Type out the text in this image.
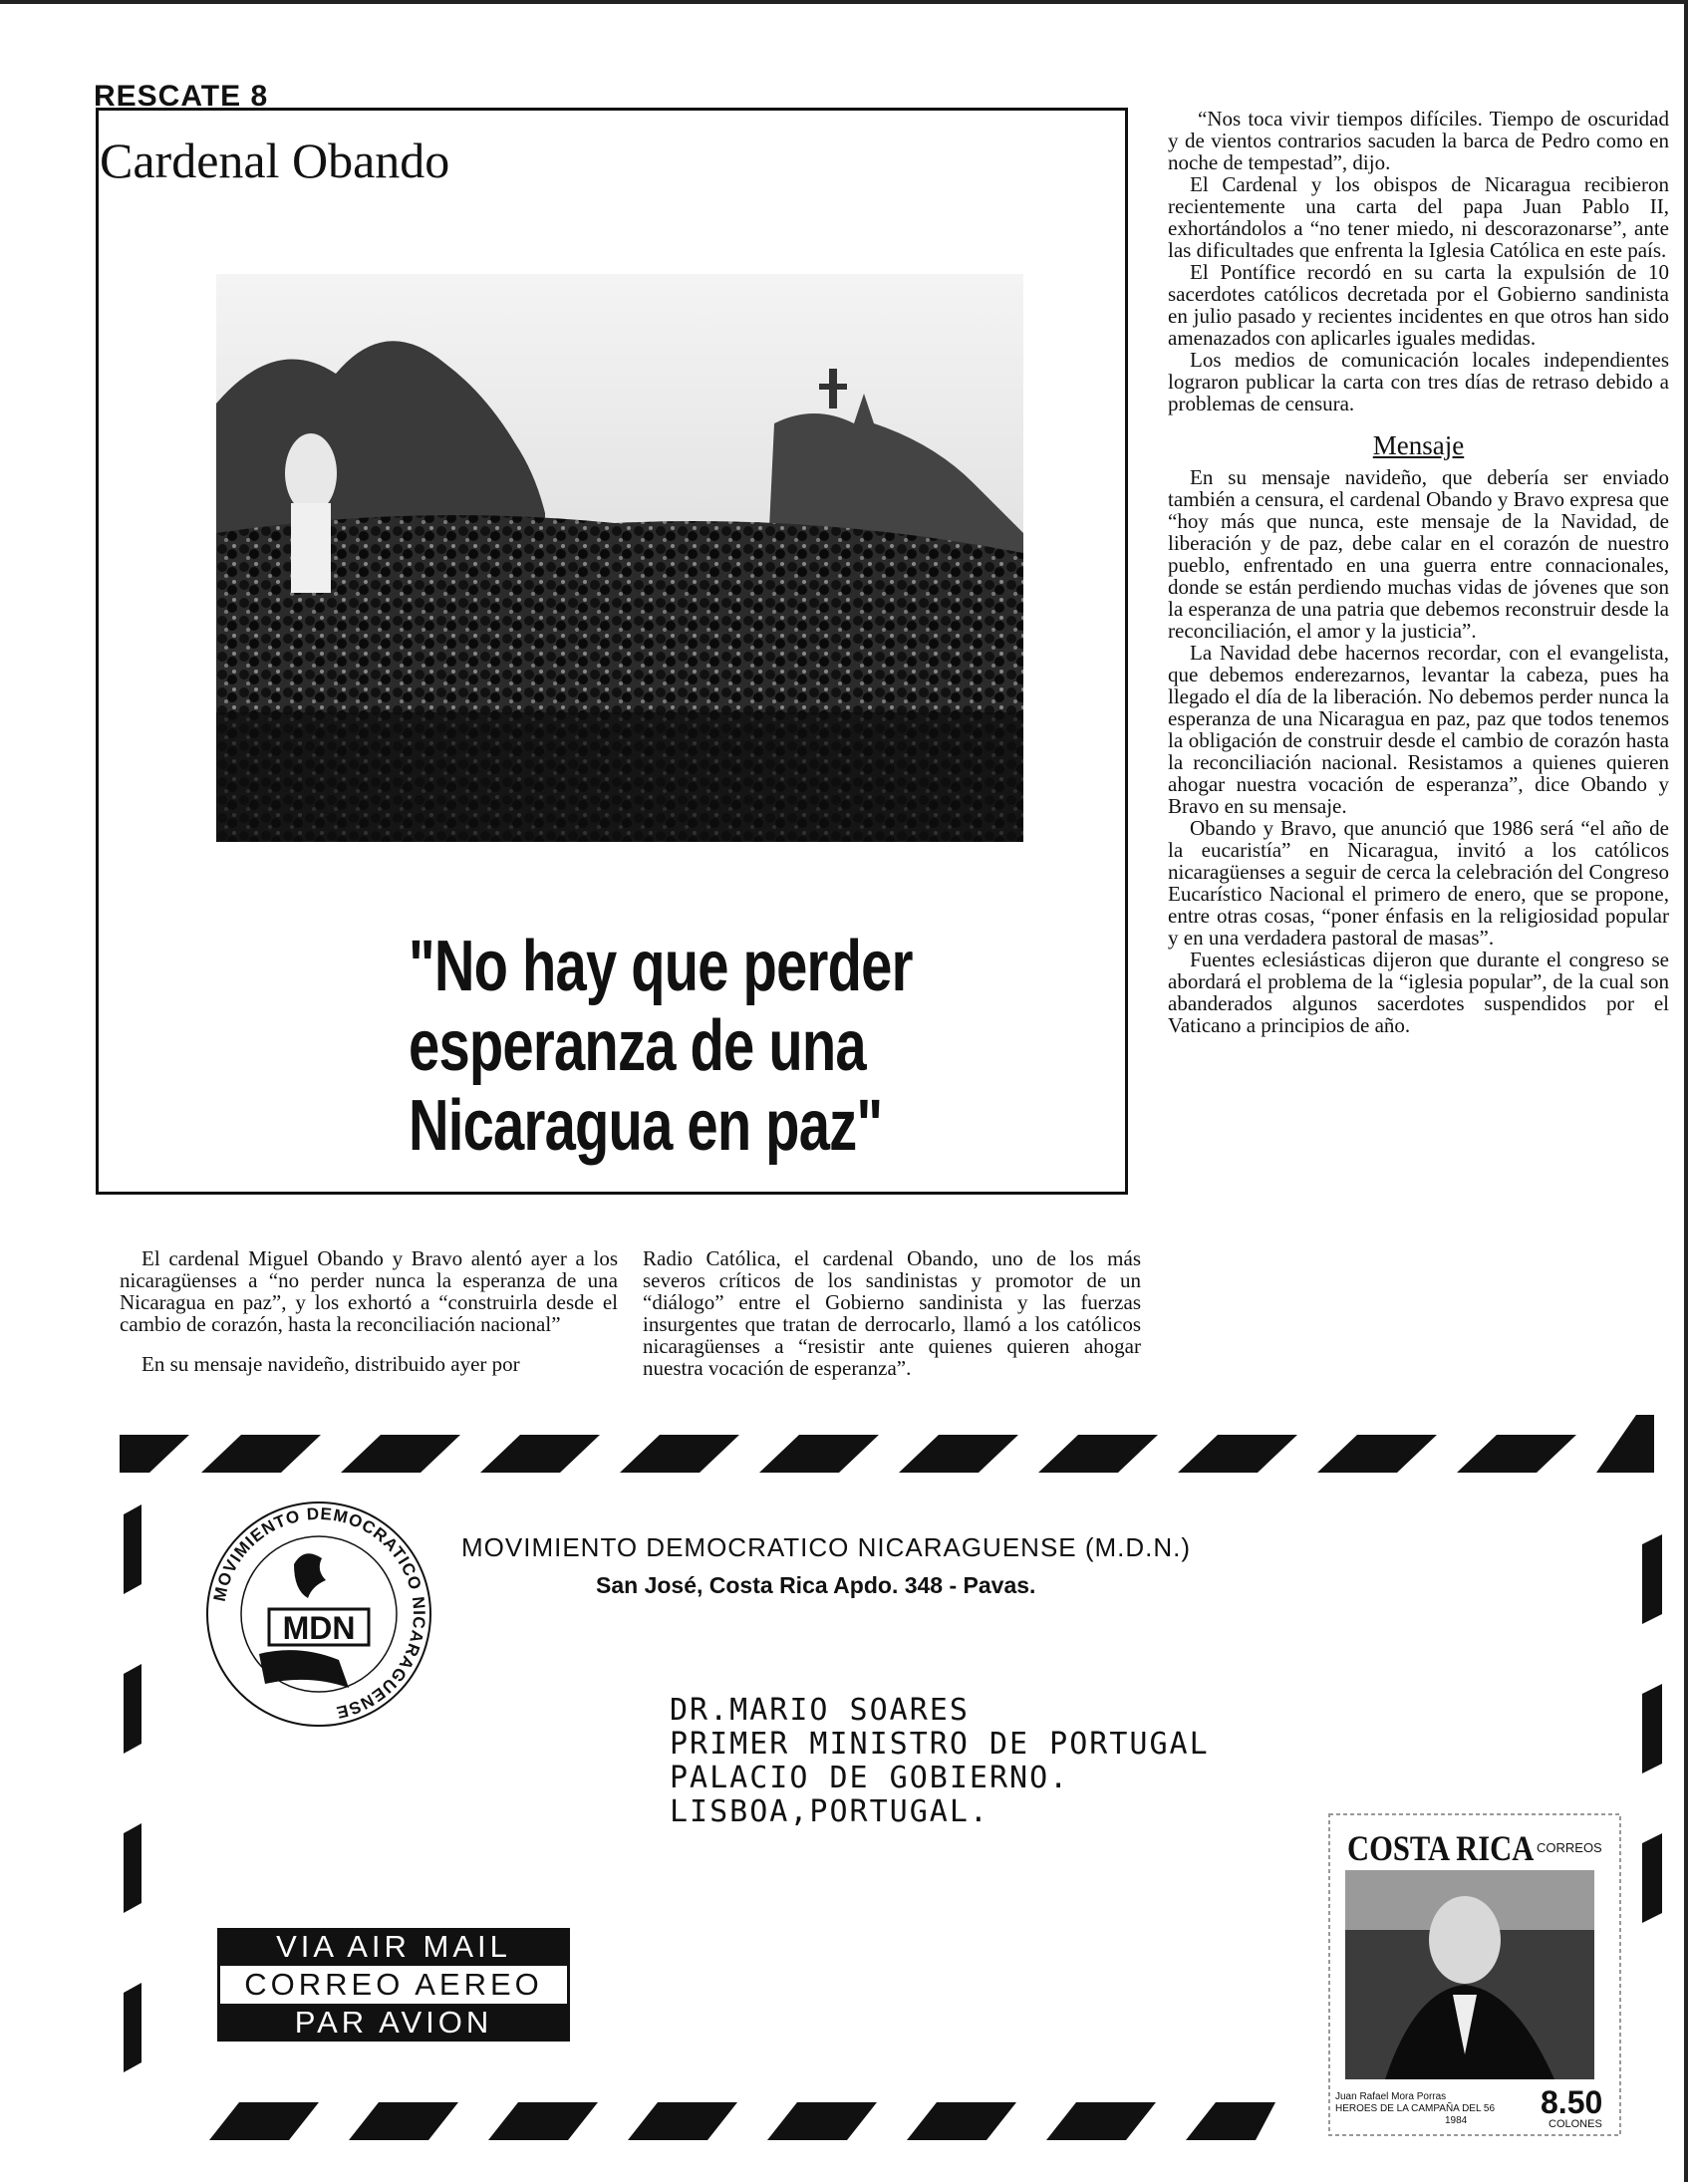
RESCATE 8
Cardenal Obando
"No hay que perder
esperanza de una
Nicaragua en paz"

“Nos toca vivir tiempos difíciles. Tiempo de oscuridad y de vientos contrarios sacuden la barca de Pedro como en noche de tempestad”, dijo.

El Cardenal y los obispos de Nicaragua recibieron recientemente una carta del papa Juan Pablo II, exhortándolos a “no tener miedo, ni descorazonarse”, ante las dificultades que enfrenta la Iglesia Católica en este país.

El Pontífice recordó en su carta la expulsión de 10 sacerdotes católicos decretada por el Gobierno sandinista en julio pasado y recientes incidentes en que otros han sido amenazados con aplicarles iguales medidas.

Los medios de comunicación locales independientes lograron publicar la carta con tres días de retraso debido a problemas de censura.

Mensaje

En su mensaje navideño, que debería ser enviado también a censura, el cardenal Obando y Bravo expresa que “hoy más que nunca, este mensaje de la Navidad, de liberación y de paz, debe calar en el corazón de nuestro pueblo, enfrentado en una guerra entre connacionales, donde se están perdiendo muchas vidas de jóvenes que son la esperanza de una patria que debemos reconstruir desde la reconciliación, el amor y la justicia”.

La Navidad debe hacernos recordar, con el evangelista, que debemos enderezarnos, levantar la cabeza, pues ha llegado el día de la liberación. No debemos perder nunca la esperanza de una Nicaragua en paz, paz que todos tenemos la obligación de construir desde el cambio de corazón hasta la reconciliación nacional. Resistamos a quienes quieren ahogar nuestra vocación de esperanza”, dice Obando y Bravo en su mensaje.

Obando y Bravo, que anunció que 1986 será “el año de la eucaristía” en Nicaragua, invitó a los católicos nicaragüenses a seguir de cerca la celebración del Congreso Eucarístico Nacional el primero de enero, que se propone, entre otras cosas, “poner énfasis en la religiosidad popular y en una verdadera pastoral de masas”.

Fuentes eclesiásticas dijeron que durante el congreso se abordará el problema de la “iglesia popular”, de la cual son abanderados algunos sacerdotes suspendidos por el Vaticano a principios de año.

El cardenal Miguel Obando y Bravo alentó ayer a los nicaragüenses a “no perder nunca la esperanza de una Nicaragua en paz”, y los exhortó a “construirla desde el cambio de corazón, hasta la reconciliación nacional”

En su mensaje navideño, distribuido ayer por

Radio Católica, el cardenal Obando, uno de los más severos críticos de los sandinistas y promotor de un “diálogo” entre el Gobierno sandinista y las fuerzas insurgentes que tratan de derrocarlo, llamó a los católicos nicaragüenses a “resistir ante quienes quieren ahogar nuestra vocación de esperanza”.

MOVIMIENTO DEMOCRATICO NICARAGUENSE
MDN
MOVIMIENTO DEMOCRATICO NICARAGUENSE (M.D.N.)
San José, Costa Rica Apdo. 348 - Pavas.
DR.MARIO SOARES
PRIMER MINISTRO DE PORTUGAL
PALACIO DE GOBIERNO.
LISBOA,PORTUGAL.
VIA AIR MAIL
CORREO AEREO
PAR AVION
COSTA RICA CORREOS
Juan Rafael Mora Porras
HEROES DE LA CAMPAÑA DEL 56
1984
8.50
COLONES
